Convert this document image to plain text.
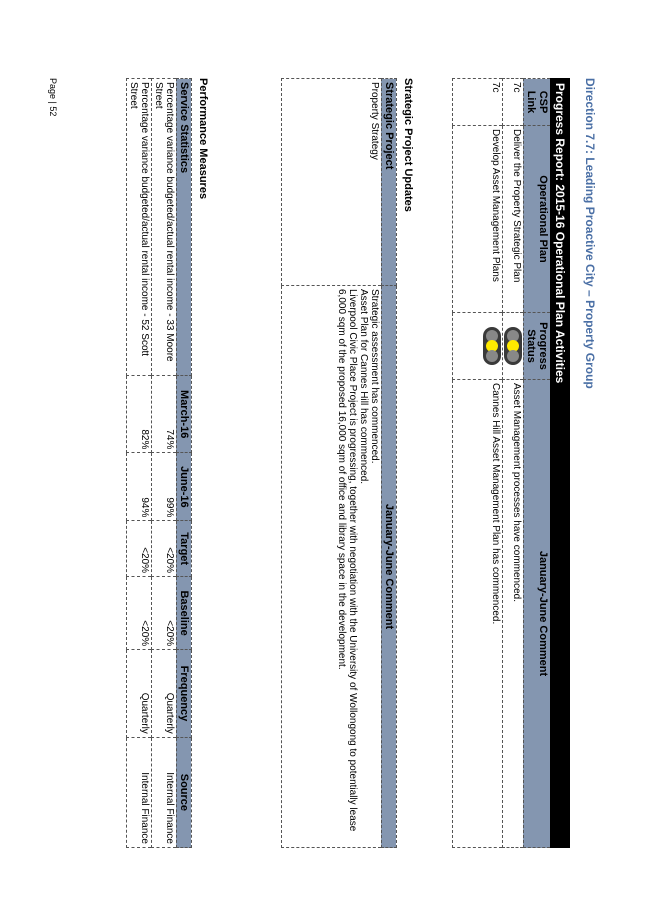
Direction 7.7: Leading Proactive City – Property Group
Progress Report: 2015-16 Operational Plan Activities			
CSP Link	Operational Plan	Progress Status	January-June Comment
7c	Deliver the Property Strategic Plan		Asset Management processes have commenced.
7c	Develop Asset Management Plans		Cannes Hill Asset Management Plan has commenced.
Strategic Project Updates
Strategic Project	January-June Comment
Property Strategy	Strategic assessment has commenced.
Asset Plan for Cannes Hill has commenced.
Liverpool Civic Place Project is progressing, together with negotiation with the University of Wollongong to potentially lease 6,000 sqm of the proposed 16,000 sqm of office and library space in the development.
Performance Measures
Service Statistics	March-16	June-16	Target	Baseline	Frequency	Source
Percentage variance budgeted/actual rental income - 33 Moore Street	74%	99%	<20%	<20%	Quarterly	Internal Finance
Percentage variance budgeted/actual rental income - 52 Scott Street	82%	94%	<20%	<20%	Quarterly	Internal Finance
Page | 52
